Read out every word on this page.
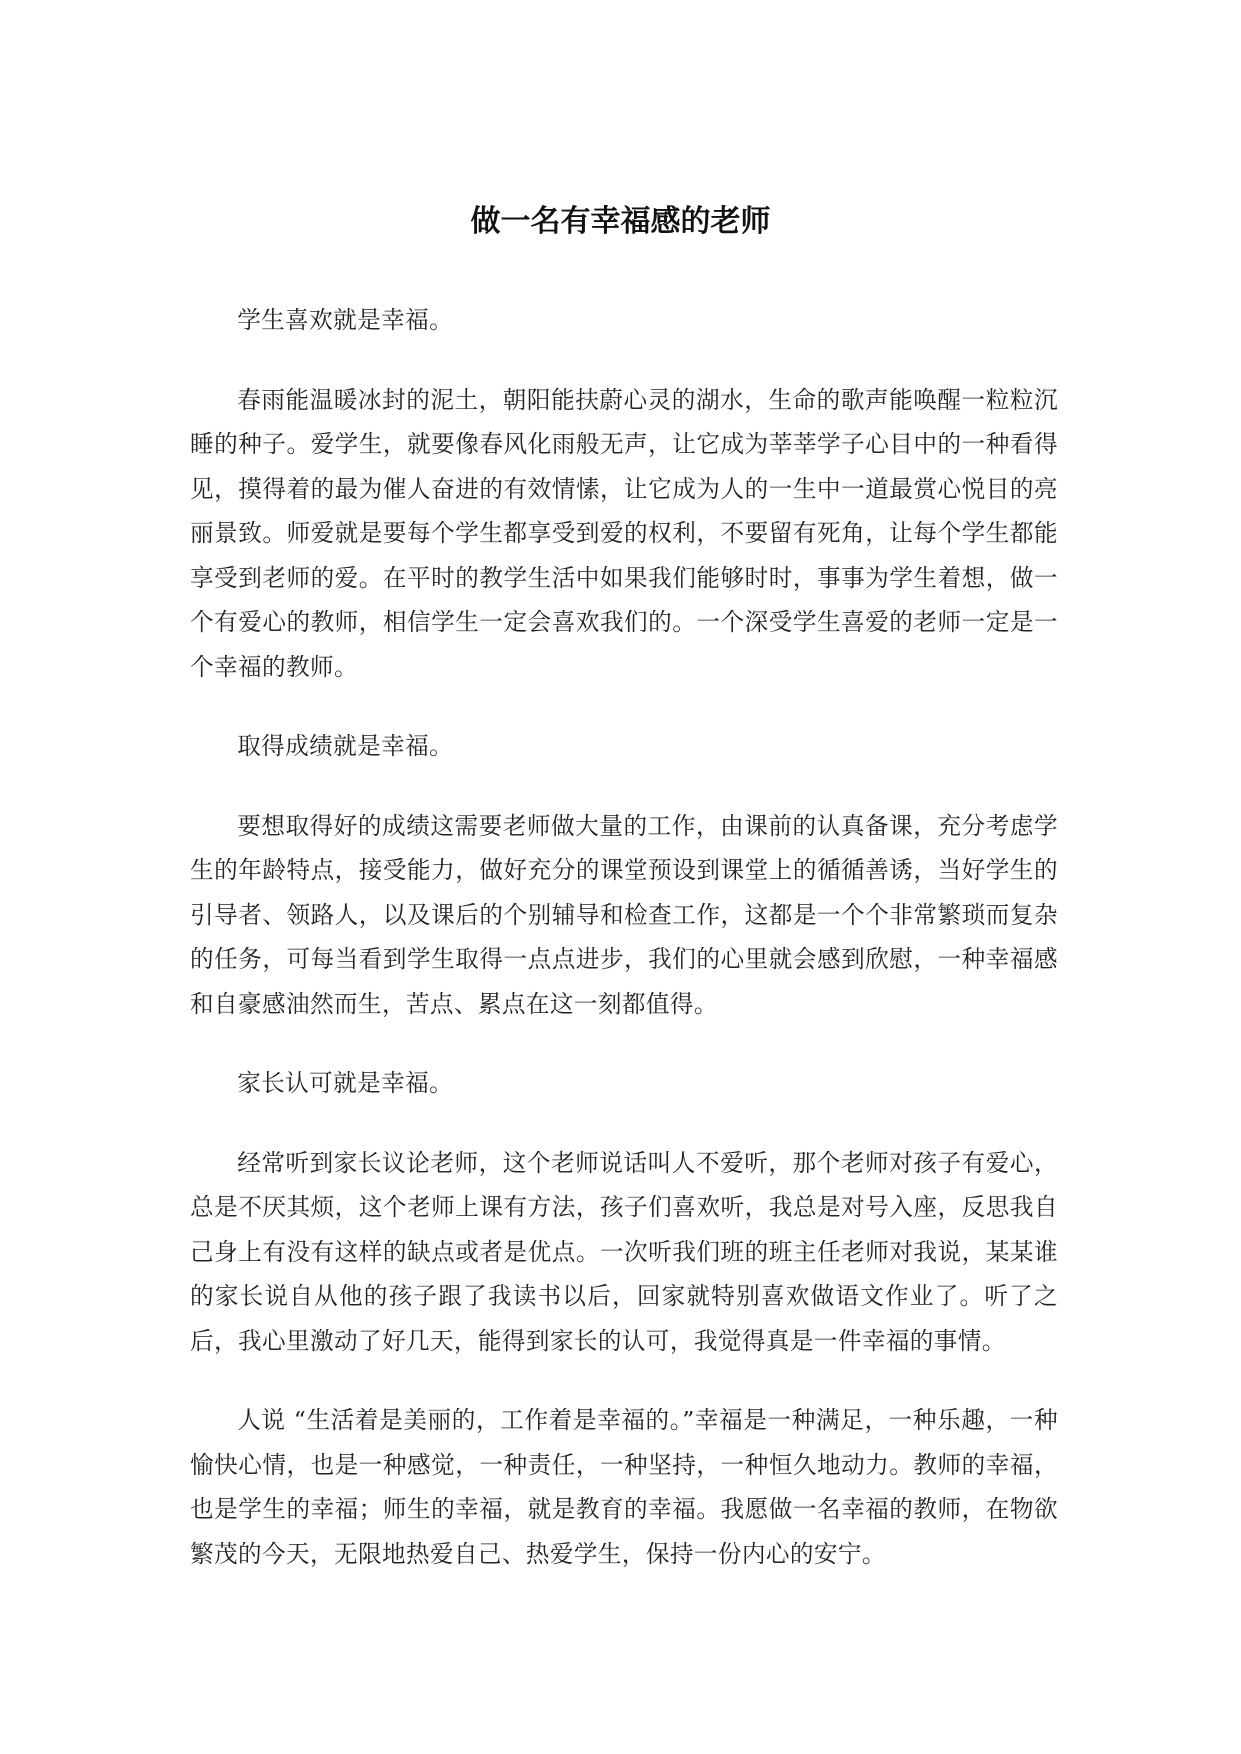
做一名有幸福感的老师

学生喜欢就是幸福。

春雨能温暖冰封的泥土，朝阳能扶蔚心灵的湖水，生命的歌声能唤醒一粒粒沉睡的种子。爱学生，就要像春风化雨般无声，让它成为莘莘学子心目中的一种看得见，摸得着的最为催人奋进的有效情愫，让它成为人的一生中一道最赏心悦目的亮丽景致。师爱就是要每个学生都享受到爱的权利，不要留有死角，让每个学生都能享受到老师的爱。在平时的教学生活中如果我们能够时时，事事为学生着想，做一个有爱心的教师，相信学生一定会喜欢我们的。一个深受学生喜爱的老师一定是一个幸福的教师。

取得成绩就是幸福。

要想取得好的成绩这需要老师做大量的工作，由课前的认真备课，充分考虑学生的年龄特点，接受能力，做好充分的课堂预设到课堂上的循循善诱，当好学生的引导者、领路人，以及课后的个别辅导和检查工作，这都是一个个非常繁琐而复杂的任务，可每当看到学生取得一点点进步，我们的心里就会感到欣慰，一种幸福感和自豪感油然而生，苦点、累点在这一刻都值得。

家长认可就是幸福。

经常听到家长议论老师，这个老师说话叫人不爱听，那个老师对孩子有爱心，总是不厌其烦，这个老师上课有方法，孩子们喜欢听，我总是对号入座，反思我自己身上有没有这样的缺点或者是优点。一次听我们班的班主任老师对我说，某某谁的家长说自从他的孩子跟了我读书以后，回家就特别喜欢做语文作业了。听了之后，我心里激动了好几天，能得到家长的认可，我觉得真是一件幸福的事情。

人说 “生活着是美丽的，工作着是幸福的。”幸福是一种满足，一种乐趣，一种愉快心情，也是一种感觉，一种责任，一种坚持，一种恒久地动力。教师的幸福，也是学生的幸福；师生的幸福，就是教育的幸福。我愿做一名幸福的教师，在物欲繁茂的今天，无限地热爱自己、热爱学生，保持一份内心的安宁。
